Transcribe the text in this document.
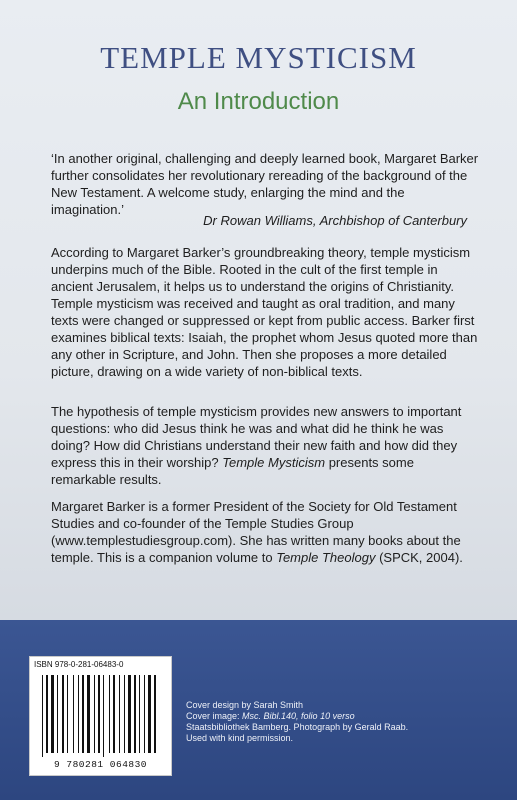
TEMPLE MYSTICISM
An Introduction
‘In another original, challenging and deeply learned book, Margaret Barker further consolidates her revolutionary rereading of the background of the New Testament. A welcome study, enlarging the mind and the imagination.’
Dr Rowan Williams, Archbishop of Canterbury
According to Margaret Barker’s groundbreaking theory, temple mysticism underpins much of the Bible. Rooted in the cult of the first temple in ancient Jerusalem, it helps us to understand the origins of Christianity. Temple mysticism was received and taught as oral tradition, and many texts were changed or suppressed or kept from public access. Barker first examines biblical texts: Isaiah, the prophet whom Jesus quoted more than any other in Scripture, and John. Then she proposes a more detailed picture, drawing on a wide variety of non-biblical texts.
The hypothesis of temple mysticism provides new answers to important questions: who did Jesus think he was and what did he think he was doing? How did Christians understand their new faith and how did they express this in their worship? Temple Mysticism presents some remarkable results.
Margaret Barker is a former President of the Society for Old Testament Studies and co-founder of the Temple Studies Group (www.templestudiesgroup.com). She has written many books about the temple. This is a companion volume to Temple Theology (SPCK, 2004).
ISBN 978-0-281-06483-0
9 780281 064830
Cover design by Sarah Smith
Cover image: Msc. Bibl.140, folio 10 verso Staatsbibliothek Bamberg. Photograph by Gerald Raab. Used with kind permission.
